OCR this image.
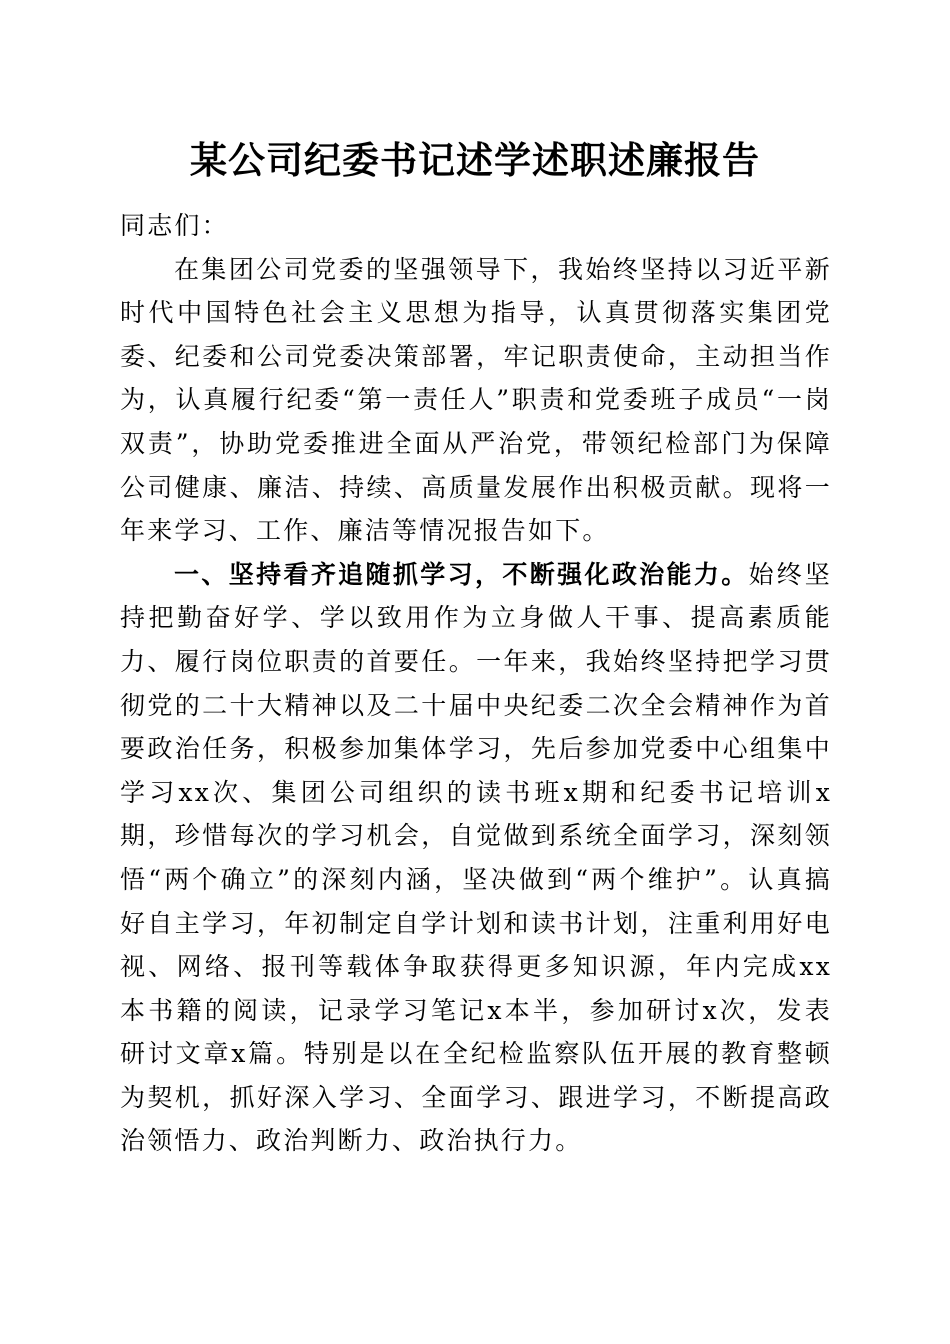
某公司纪委书记述学述职述廉报告

同志们：

在集团公司党委的坚强领导下，我始终坚持以习近平新时代中国特色社会主义思想为指导，认真贯彻落实集团党委、纪委和公司党委决策部署，牢记职责使命，主动担当作为，认真履行纪委“第一责任人”职责和党委班子成员“一岗双责”，协助党委推进全面从严治党，带领纪检部门为保障公司健康、廉洁、持续、高质量发展作出积极贡献。现将一年来学习、工作、廉洁等情况报告如下。

一、坚持看齐追随抓学习，不断强化政治能力。始终坚持把勤奋好学、学以致用作为立身做人干事、提高素质能力、履行岗位职责的首要任。一年来，我始终坚持把学习贯彻党的二十大精神以及二十届中央纪委二次全会精神作为首要政治任务，积极参加集体学习，先后参加党委中心组集中学习xx次、集团公司组织的读书班x期和纪委书记培训x期，珍惜每次的学习机会，自觉做到系统全面学习，深刻领悟“两个确立”的深刻内涵，坚决做到“两个维护”。认真搞好自主学习，年初制定自学计划和读书计划，注重利用好电视、网络、报刊等载体争取获得更多知识源，年内完成xx本书籍的阅读，记录学习笔记x本半，参加研讨x次，发表研讨文章x篇。特别是以在全纪检监察队伍开展的教育整顿为契机，抓好深入学习、全面学习、跟进学习，不断提高政治领悟力、政治判断力、政治执行力。
